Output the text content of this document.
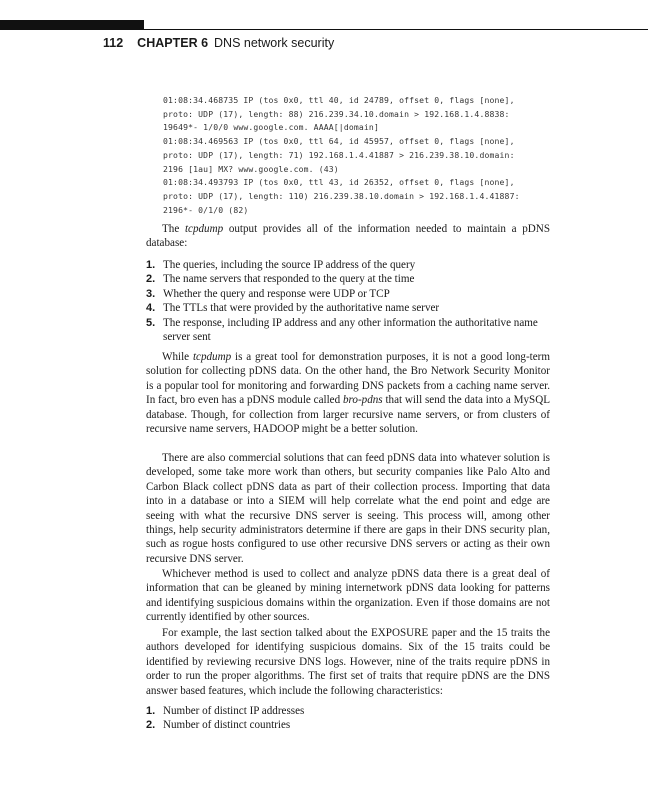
112 CHAPTER 6 DNS network security
01:08:34.468735 IP (tos 0x0, ttl 40, id 24789, offset 0, flags [none],
proto: UDP (17), length: 88) 216.239.34.10.domain > 192.168.1.4.8838:
19649*- 1/0/0 www.google.com. AAAA[|domain]
01:08:34.469563 IP (tos 0x0, ttl 64, id 45957, offset 0, flags [none],
proto: UDP (17), length: 71) 192.168.1.4.41887 > 216.239.38.10.domain:
2196 [1au] MX? www.google.com. (43)
01:08:34.493793 IP (tos 0x0, ttl 43, id 26352, offset 0, flags [none],
proto: UDP (17), length: 110) 216.239.38.10.domain > 192.168.1.4.41887:
2196*- 0/1/0 (82)

The tcpdump output provides all of the information needed to maintain a pDNS database:

1. The queries, including the source IP address of the query
2. The name servers that responded to the query at the time
3. Whether the query and response were UDP or TCP
4. The TTLs that were provided by the authoritative name server
5. The response, including IP address and any other information the authoritative name server sent

While tcpdump is a great tool for demonstration purposes, it is not a good long-term solution for collecting pDNS data. On the other hand, the Bro Network Security Monitor is a popular tool for monitoring and forwarding DNS packets from a caching name server. In fact, bro even has a pDNS module called bro-pdns that will send the data into a MySQL database. Though, for collection from larger recursive name servers, or from clusters of recursive name servers, HADOOP might be a better solution.

There are also commercial solutions that can feed pDNS data into whatever solution is developed, some take more work than others, but security companies like Palo Alto and Carbon Black collect pDNS data as part of their collection process. Importing that data into in a database or into a SIEM will help correlate what the end point and edge are seeing with what the recursive DNS server is seeing. This process will, among other things, help security administrators determine if there are gaps in their DNS security plan, such as rogue hosts configured to use other recursive DNS servers or acting as their own recursive DNS server.

Whichever method is used to collect and analyze pDNS data there is a great deal of information that can be gleaned by mining internetwork pDNS data looking for patterns and identifying suspicious domains within the organization. Even if those domains are not currently identified by other sources.

For example, the last section talked about the EXPOSURE paper and the 15 traits the authors developed for identifying suspicious domains. Six of the 15 traits could be identified by reviewing recursive DNS logs. However, nine of the traits require pDNS in order to run the proper algorithms. The first set of traits that require pDNS are the DNS answer based features, which include the following characteristics:

1. Number of distinct IP addresses
2. Number of distinct countries
